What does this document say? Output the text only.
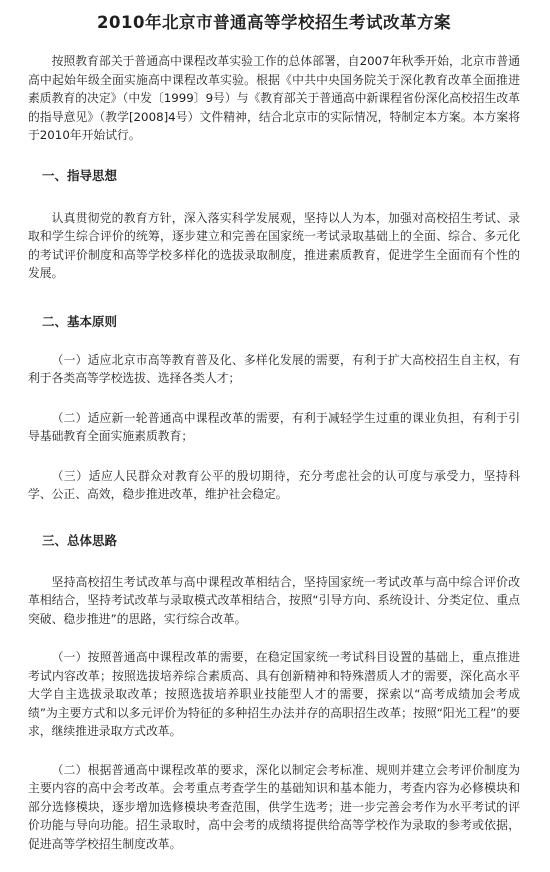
2010年北京市普通高等学校招生考试改革方案

按照教育部关于普通高中课程改革实验工作的总体部署，自2007年秋季开始，北京市普通高中起始年级全面实施高中课程改革实验。根据《中共中央国务院关于深化教育改革全面推进素质教育的决定》（中发〔1999〕9号）与《教育部关于普通高中新课程省份深化高校招生改革的指导意见》（教学[2008]4号）文件精神，结合北京市的实际情况，特制定本方案。本方案将于2010年开始试行。

一、指导思想

认真贯彻党的教育方针，深入落实科学发展观，坚持以人为本，加强对高校招生考试、录取和学生综合评价的统筹，逐步建立和完善在国家统一考试录取基础上的全面、综合、多元化的考试评价制度和高等学校多样化的选拔录取制度，推进素质教育，促进学生全面而有个性的发展。

二、基本原则

（一）适应北京市高等教育普及化、多样化发展的需要，有利于扩大高校招生自主权，有利于各类高等学校选拔、选择各类人才；

（二）适应新一轮普通高中课程改革的需要，有利于减轻学生过重的课业负担，有利于引导基础教育全面实施素质教育；

（三）适应人民群众对教育公平的殷切期待，充分考虑社会的认可度与承受力，坚持科学、公正、高效，稳步推进改革，维护社会稳定。

三、总体思路

坚持高校招生考试改革与高中课程改革相结合，坚持国家统一考试改革与高中综合评价改革相结合，坚持考试改革与录取模式改革相结合，按照“引导方向、系统设计、分类定位、重点突破、稳步推进”的思路，实行综合改革。

（一）按照普通高中课程改革的需要，在稳定国家统一考试科目设置的基础上，重点推进考试内容改革；按照选拔培养综合素质高、具有创新精神和特殊潜质人才的需要，深化高水平大学自主选拔录取改革；按照选拔培养职业技能型人才的需要，探索以“高考成绩加会考成绩”为主要方式和以多元评价为特征的多种招生办法并存的高职招生改革；按照“阳光工程”的要求，继续推进录取方式改革。

（二）根据普通高中课程改革的要求，深化以制定会考标准、规则并建立会考评价制度为主要内容的高中会考改革。会考重点考查学生的基础知识和基本能力，考查内容为必修模块和部分选修模块，逐步增加选修模块考查范围，供学生选考；进一步完善会考作为水平考试的评价功能与导向功能。招生录取时，高中会考的成绩将提供给高等学校作为录取的参考或依据，促进高等学校招生制度改革。
